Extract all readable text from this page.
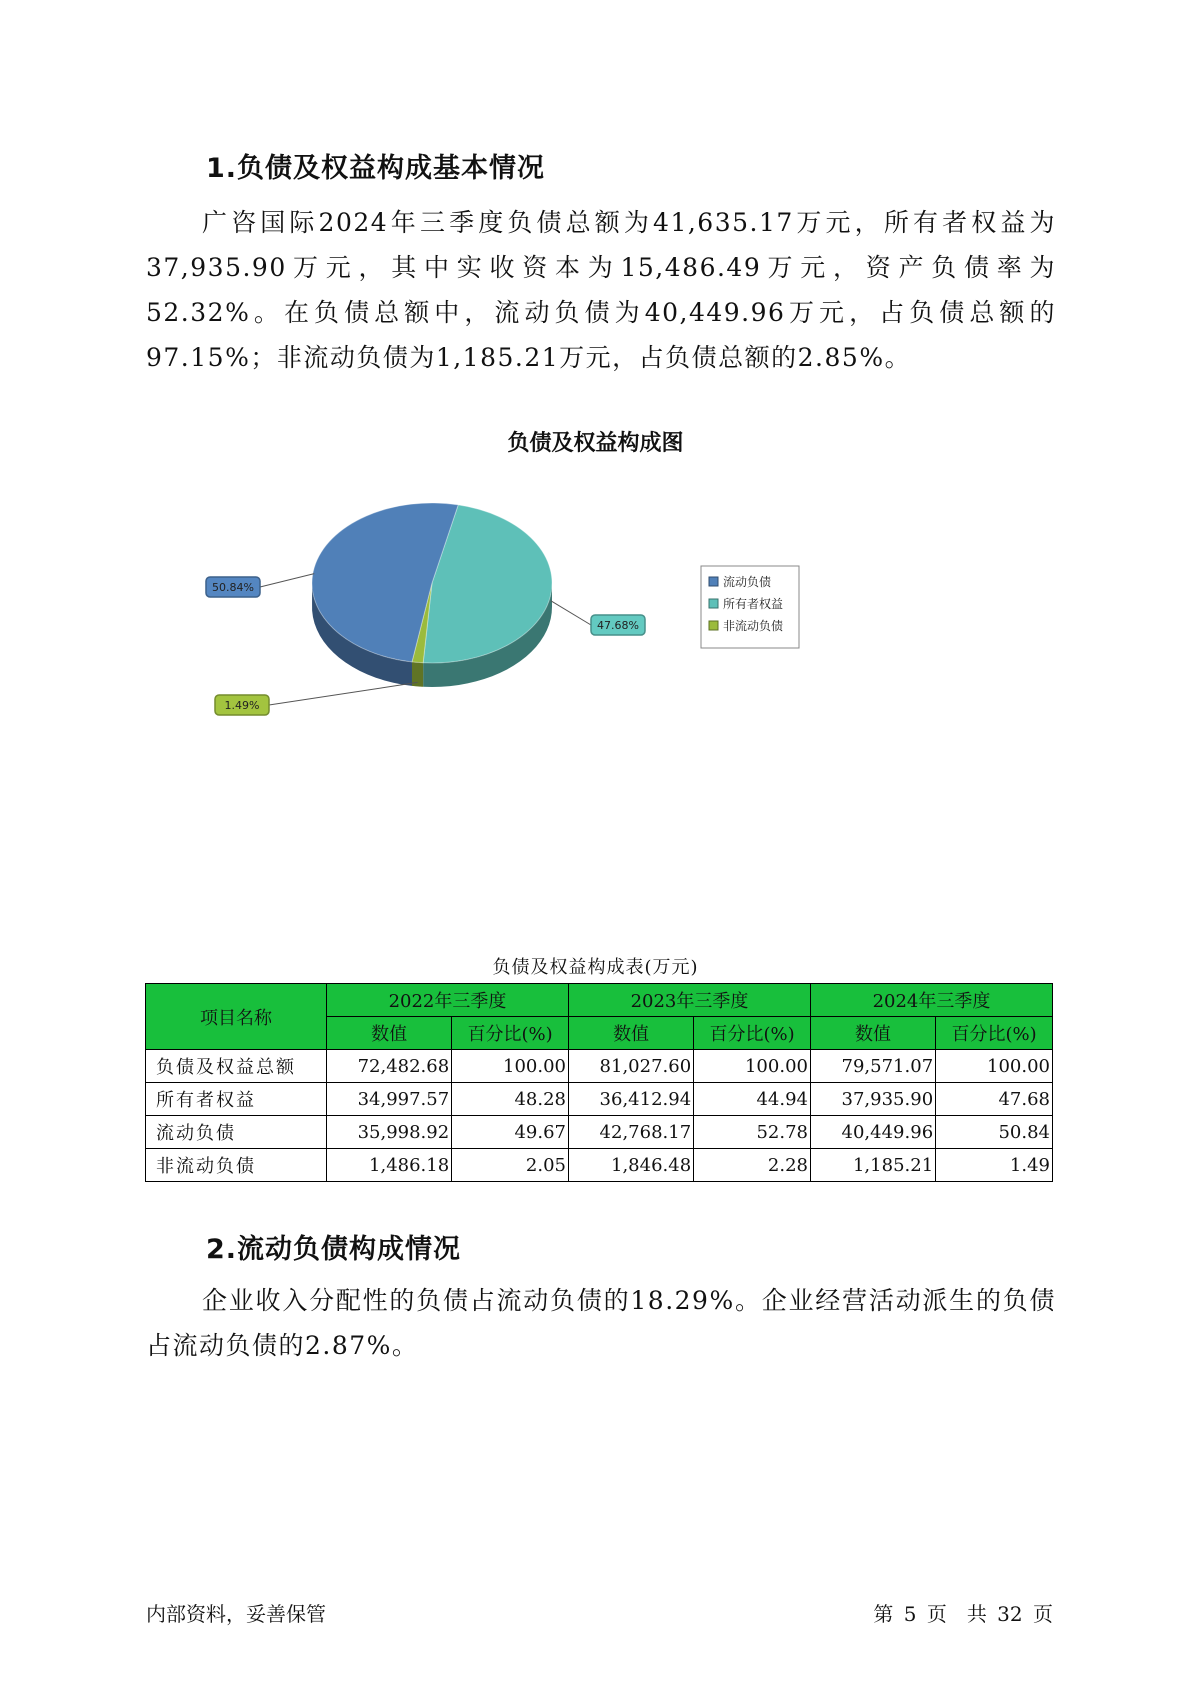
1.负债及权益构成基本情况
广咨国际2024年三季度负债总额为41,635.17万元，所有者权益为37,935.90万元，其中实收资本为15,486.49万元，资产负债率为52.32%。在负债总额中，流动负债为40,449.96万元，占负债总额的97.15%；非流动负债为1,185.21万元，占负债总额的2.85%。
负债及权益构成图
47.68%
1.49%
50.84%	流动负债
所有者权益
非流动负债
负债及权益构成表(万元)
项目名称	2022年三季度		2023年三季度		2024年三季度	
	数值	百分比(%)	数值	百分比(%)	数值	百分比(%)
负债及权益总额	72,482.68	100.00	81,027.60	100.00	79,571.07	100.00
所有者权益	34,997.57	48.28	36,412.94	44.94	37,935.90	47.68
流动负债	35,998.92	49.67	42,768.17	52.78	40,449.96	50.84
非流动负债	1,486.18	2.05	1,846.48	2.28	1,185.21	1.49
2.流动负债构成情况
企业收入分配性的负债占流动负债的18.29%。企业经营活动派生的负债占流动负债的2.87%。
内部资料，妥善保管	第 5 页　共 32 页
